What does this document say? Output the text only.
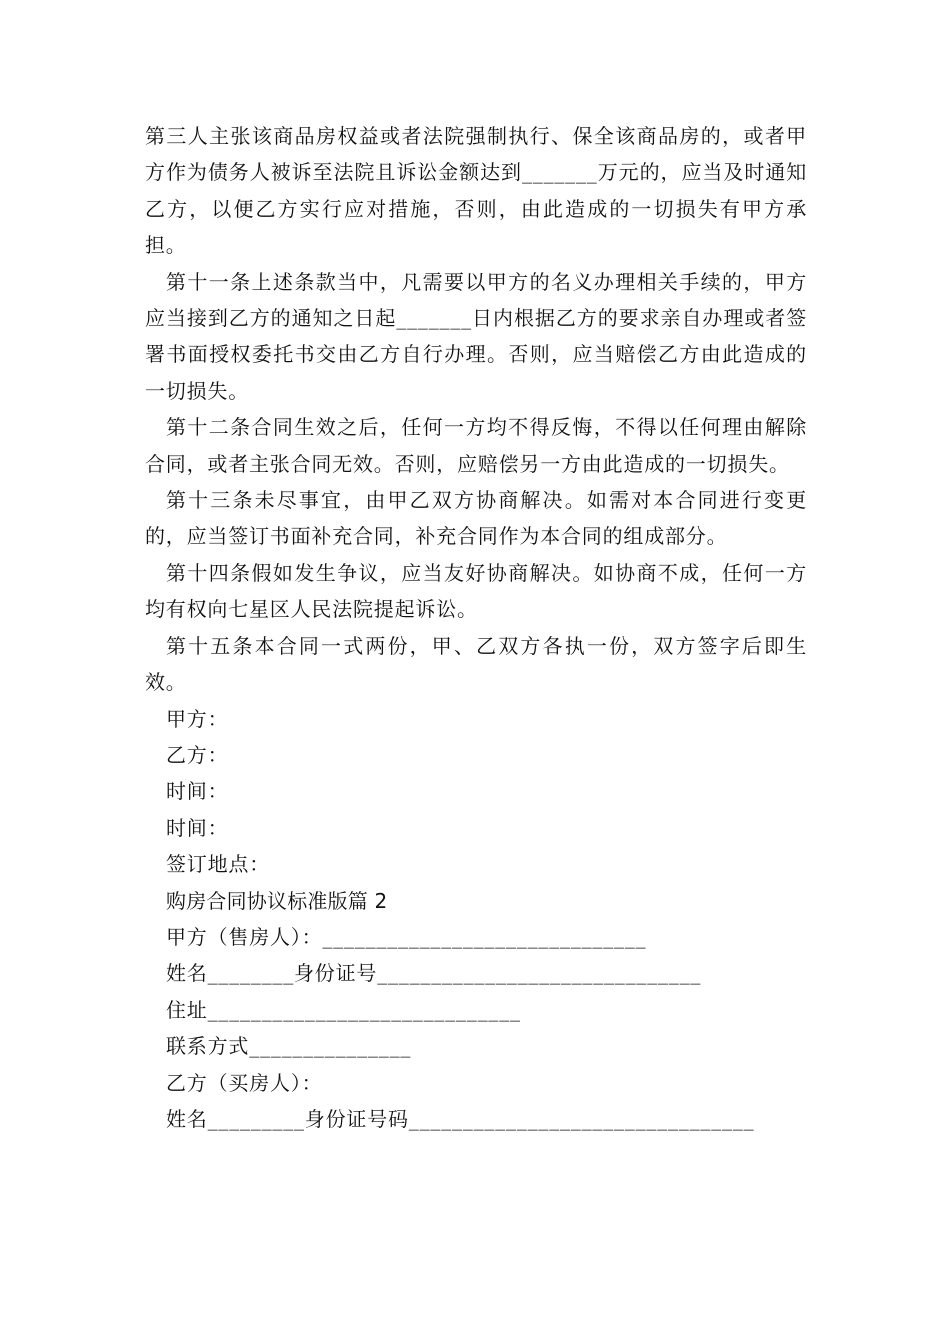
第三人主张该商品房权益或者法院强制执行、保全该商品房的，或者甲方作为债务人被诉至法院且诉讼金额达到_______万元的，应当及时通知乙方，以便乙方实行应对措施，否则，由此造成的一切损失有甲方承担。

第十一条上述条款当中，凡需要以甲方的名义办理相关手续的，甲方应当接到乙方的通知之日起_______日内根据乙方的要求亲自办理或者签署书面授权委托书交由乙方自行办理。否则，应当赔偿乙方由此造成的一切损失。

第十二条合同生效之后，任何一方均不得反悔，不得以任何理由解除合同，或者主张合同无效。否则，应赔偿另一方由此造成的一切损失。

第十三条未尽事宜，由甲乙双方协商解决。如需对本合同进行变更的，应当签订书面补充合同，补充合同作为本合同的组成部分。

第十四条假如发生争议，应当友好协商解决。如协商不成，任何一方均有权向七星区人民法院提起诉讼。

第十五条本合同一式两份，甲、乙双方各执一份，双方签字后即生效。

甲方：

乙方：

时间：

时间：

签订地点：

购房合同协议标准版篇 2

甲方（售房人）：______________________________

姓名________身份证号______________________________

住址_____________________________

联系方式_______________

乙方（买房人）：

姓名_________身份证号码________________________________
